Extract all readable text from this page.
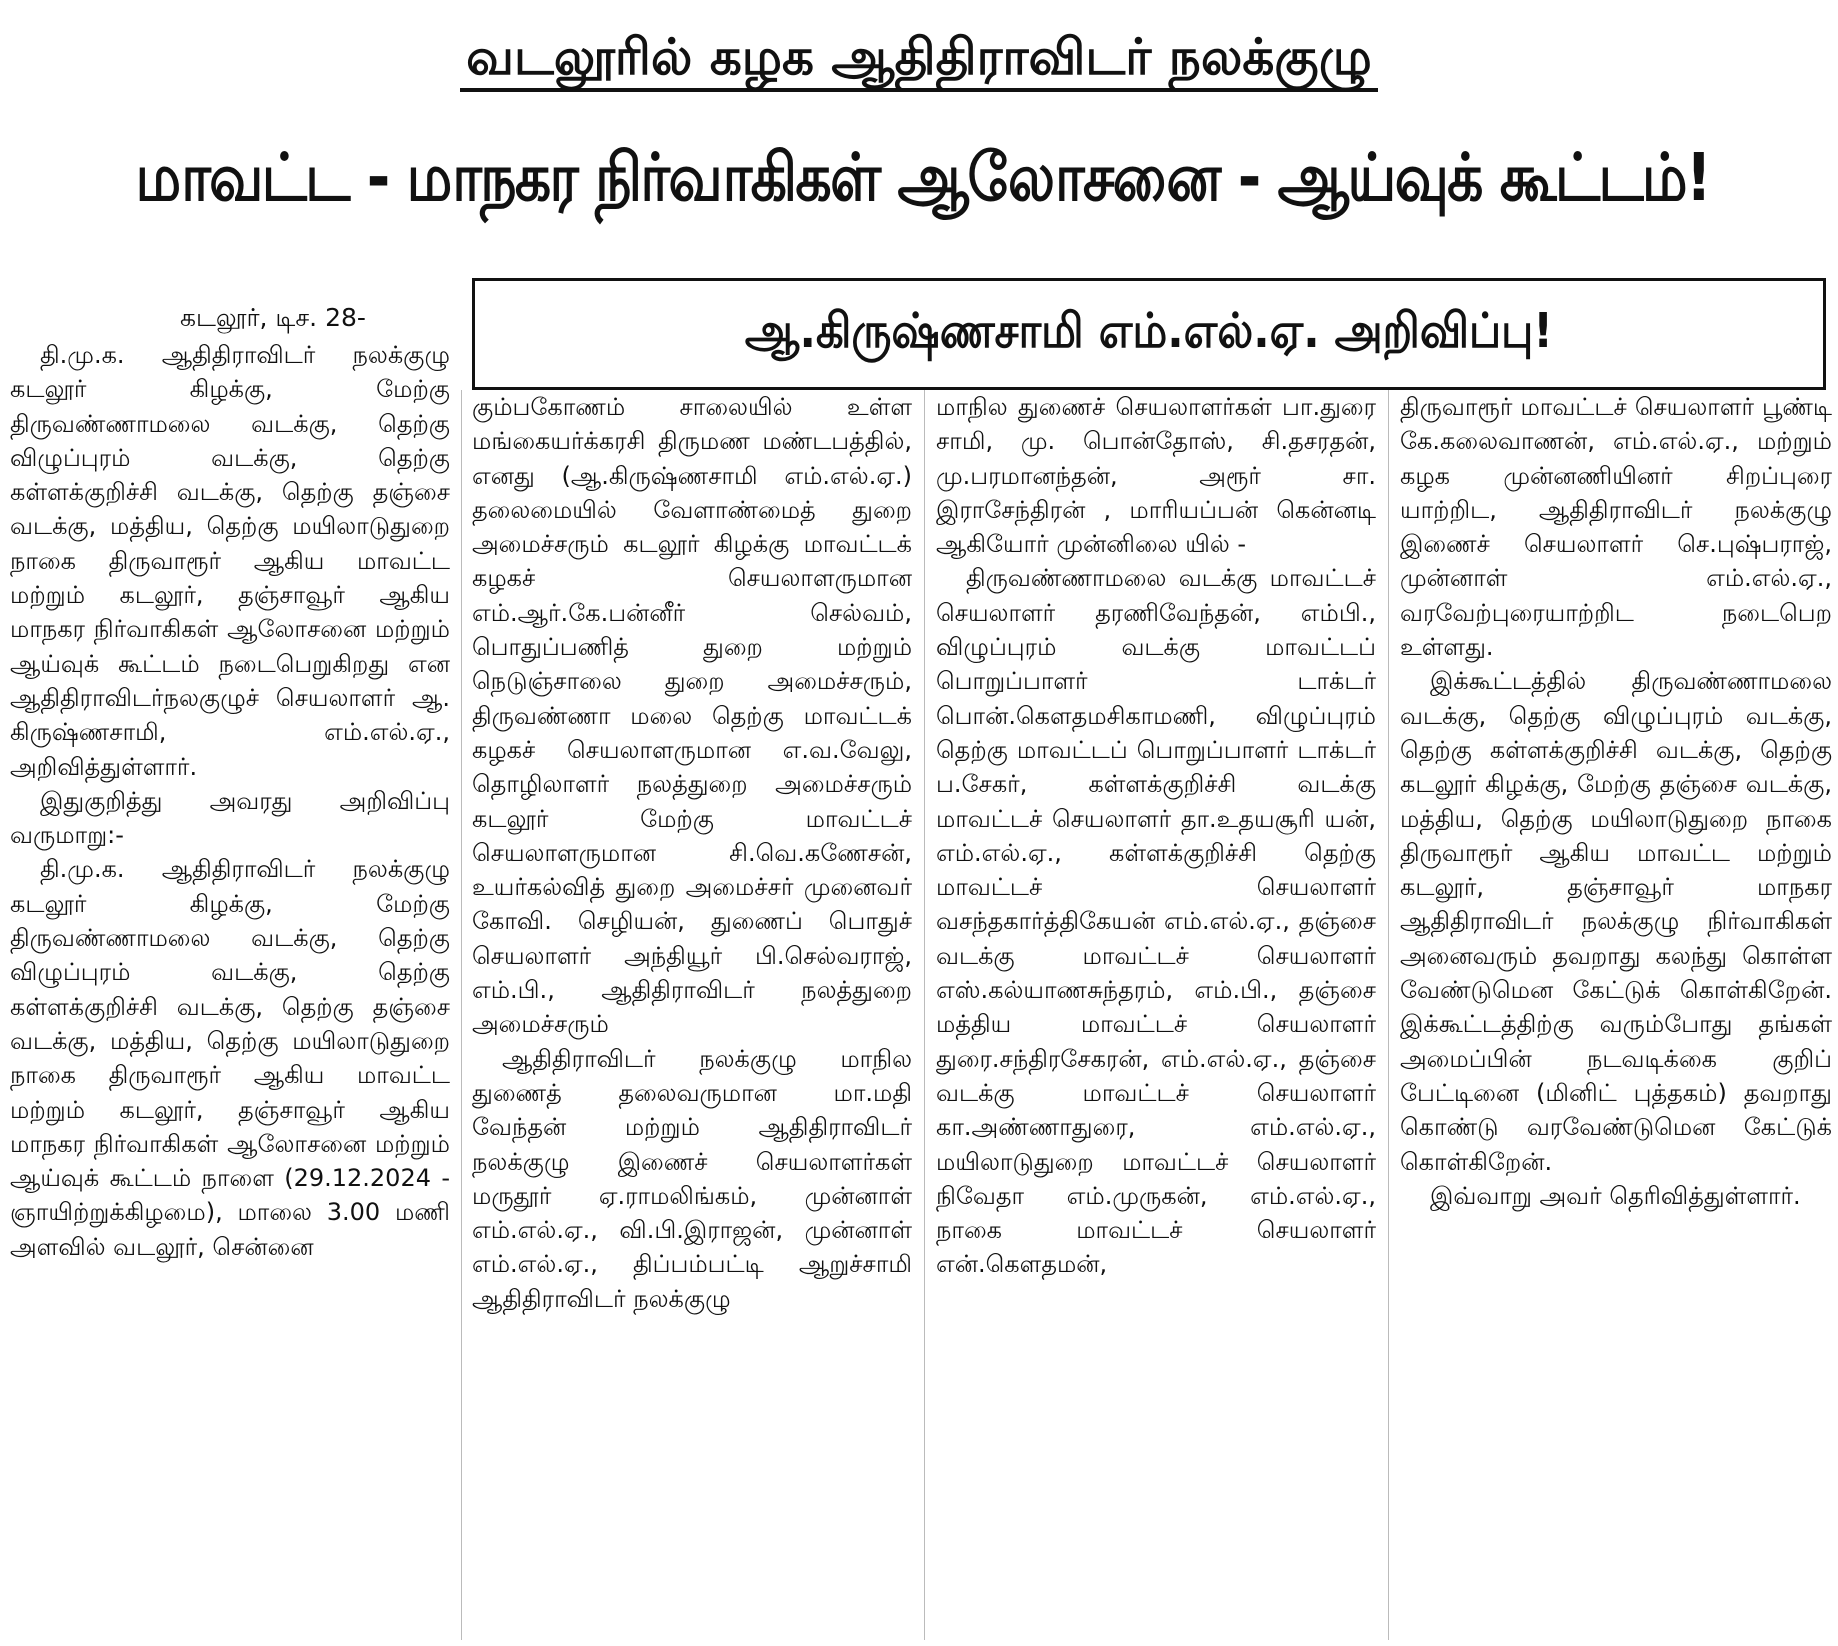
வடலூரில் கழக ஆதிதிராவிடர் நலக்குழு
மாவட்ட - மாநகர நிர்வாகிகள் ஆலோசனை - ஆய்வுக் கூட்டம்!
ஆ.கிருஷ்ணசாமி எம்.எல்.ஏ. அறிவிப்பு!
கடலூர், டிச. 28-

தி.மு.க. ஆதிதிராவிடர் நலக்குழு கடலூர் கிழக்கு, மேற்கு திருவண்ணாமலை வடக்கு, தெற்கு விழுப்புரம் வடக்கு, தெற்கு கள்ளக்குறிச்சி வடக்கு, தெற்கு தஞ்சை வடக்கு, மத்திய, தெற்கு மயிலாடுதுறை நாகை திருவாரூர் ஆகிய மாவட்ட மற்றும் கடலூர், தஞ்சாவூர் ஆகிய மாநகர நிர்வாகிகள் ஆலோசனை மற்றும் ஆய்வுக் கூட்டம் நடைபெறுகிறது என ஆதிதிராவிடர்நலகுழுச் செயலாளர் ஆ. கிருஷ்ணசாமி, எம்.எல்.ஏ., அறிவித்துள்ளார்.

இதுகுறித்து அவரது அறிவிப்பு வருமாறு:-

தி.மு.க. ஆதிதிராவிடர் நலக்குழு கடலூர் கிழக்கு, மேற்கு திருவண்ணாமலை வடக்கு, தெற்கு விழுப்புரம் வடக்கு, தெற்கு கள்ளக்குறிச்சி வடக்கு, தெற்கு தஞ்சை வடக்கு, மத்திய, தெற்கு மயிலாடுதுறை நாகை திருவாரூர் ஆகிய மாவட்ட மற்றும் கடலூர், தஞ்சாவூர் ஆகிய மாநகர நிர்வாகிகள் ஆலோசனை மற்றும் ஆய்வுக் கூட்டம் நாளை (29.12.2024 - ஞாயிற்றுக்கிழமை), மாலை 3.00 மணி அளவில் வடலூர், சென்னை

கும்பகோணம் சாலையில் உள்ள மங்கையர்க்கரசி திருமண மண்டபத்தில், எனது (ஆ.கிருஷ்ணசாமி எம்.எல்.ஏ.) தலைமையில் வேளாண்மைத் துறை அமைச்சரும் கடலூர் கிழக்கு மாவட்டக் கழகச் செயலாளருமான எம்.ஆர்.கே.பன்னீர் செல்வம், பொதுப்பணித் துறை மற்றும் நெடுஞ்சாலை துறை அமைச்சரும், திருவண்ணா மலை தெற்கு மாவட்டக் கழகச் செயலாளருமான எ.வ.வேலு, தொழிலாளர் நலத்துறை அமைச்சரும் கடலூர் மேற்கு மாவட்டச் செயலாளருமான சி.வெ.கணேசன், உயர்கல்வித் துறை அமைச்சர் முனைவர் கோவி. செழியன், துணைப் பொதுச் செயலாளர் அந்தியூர் பி.செல்வராஜ், எம்.பி., ஆதிதிராவிடர் நலத்துறை அமைச்சரும்

ஆதிதிராவிடர் நலக்குழு மாநில துணைத் தலைவருமான மா.மதி வேந்தன் மற்றும் ஆதிதிராவிடர் நலக்குழு இணைச் செயலாளர்கள் மருதூர் ஏ.ராமலிங்கம், முன்னாள் எம்.எல்.ஏ., வி.பி.இராஜன், முன்னாள் எம்.எல்.ஏ., திப்பம்பட்டி ஆறுச்சாமி ஆதிதிராவிடர் நலக்குழு

மாநில துணைச் செயலாளர்கள் பா.துரை சாமி, மு. பொன்தோஸ், சி.தசரதன், மு.பரமானந்தன், அரூர் சா. இராசேந்திரன் , மாரியப்பன் கென்னடி ஆகியோர் முன்னிலை யில் -

திருவண்ணாமலை வடக்கு மாவட்டச் செயலாளர் தரணிவேந்தன், எம்பி., விழுப்புரம் வடக்கு மாவட்டப் பொறுப்பாளர் டாக்டர் பொன்.கௌதமசிகாமணி, விழுப்புரம் தெற்கு மாவட்டப் பொறுப்பாளர் டாக்டர் ப.சேகர், கள்ளக்குறிச்சி வடக்கு மாவட்டச் செயலாளர் தா.உதயசூரி யன், எம்.எல்.ஏ., கள்ளக்குறிச்சி தெற்கு மாவட்டச் செயலாளர் வசந்தகார்த்திகேயன் எம்.எல்.ஏ., தஞ்சை வடக்கு மாவட்டச் செயலாளர் எஸ்.கல்யாணசுந்தரம், எம்.பி., தஞ்சை மத்திய மாவட்டச் செயலாளர் துரை.சந்திரசேகரன், எம்.எல்.ஏ., தஞ்சை வடக்கு மாவட்டச் செயலாளர் கா.அண்ணாதுரை, எம்.எல்.ஏ., மயிலாடுதுறை மாவட்டச் செயலாளர் நிவேதா எம்.முருகன், எம்.எல்.ஏ., நாகை மாவட்டச் செயலாளர் என்.கௌதமன்,

திருவாரூர் மாவட்டச் செயலாளர் பூண்டி கே.கலைவாணன், எம்.எல்.ஏ., மற்றும் கழக முன்னணியினர் சிறப்புரை யாற்றிட, ஆதிதிராவிடர் நலக்குழு இணைச் செயலாளர் செ.புஷ்பராஜ், முன்னாள் எம்.எல்.ஏ., வரவேற்புரையாற்றிட நடைபெற உள்ளது.

இக்கூட்டத்தில் திருவண்ணாமலை வடக்கு, தெற்கு விழுப்புரம் வடக்கு, தெற்கு கள்ளக்குறிச்சி வடக்கு, தெற்கு கடலூர் கிழக்கு, மேற்கு தஞ்சை வடக்கு, மத்திய, தெற்கு மயிலாடுதுறை நாகை திருவாரூர் ஆகிய மாவட்ட மற்றும் கடலூர், தஞ்சாவூர் மாநகர ஆதிதிராவிடர் நலக்குழு நிர்வாகிகள் அனைவரும் தவறாது கலந்து கொள்ள வேண்டுமென கேட்டுக் கொள்கிறேன். இக்கூட்டத்திற்கு வரும்போது தங்கள் அமைப்பின் நடவடிக்கை குறிப் பேட்டினை (மினிட் புத்தகம்) தவறாது கொண்டு வரவேண்டுமென கேட்டுக் கொள்கிறேன்.

இவ்வாறு அவர் தெரிவித்துள்ளார்.
